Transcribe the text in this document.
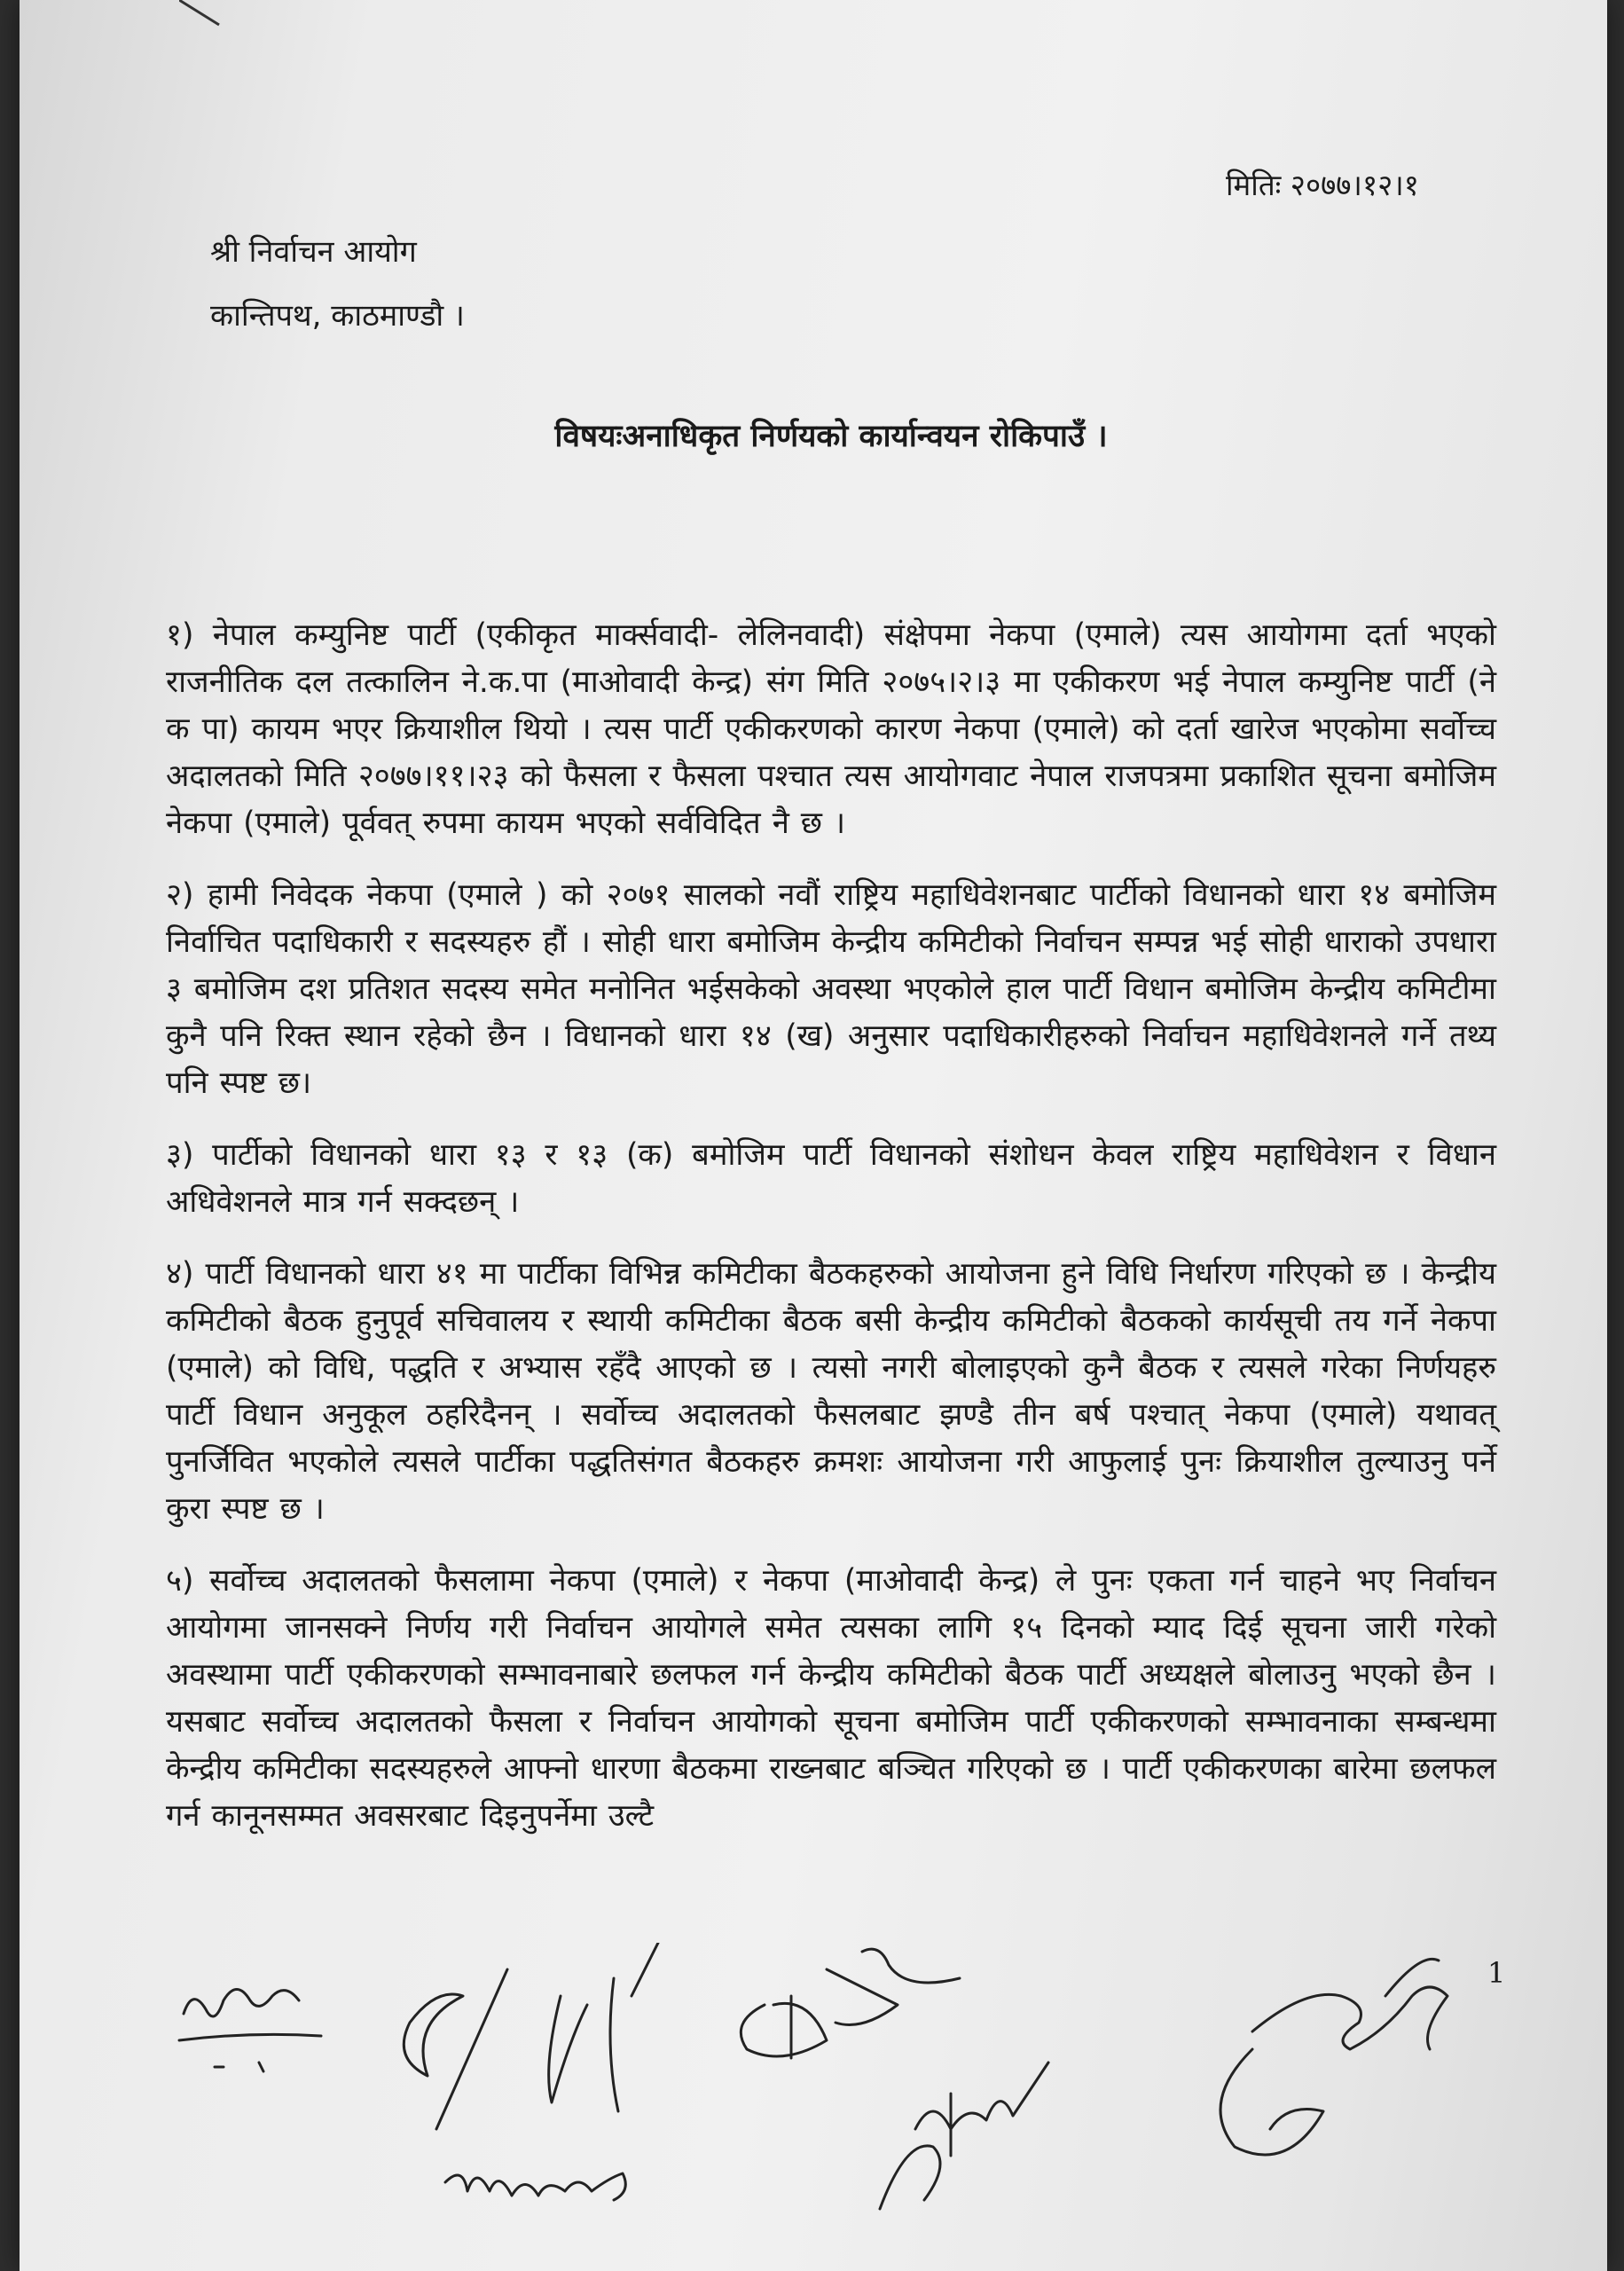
मितिः २०७७।१२।१
श्री निर्वाचन आयोग
कान्तिपथ, काठमाण्डौ ।
विषयःअनाधिकृत निर्णयको कार्यान्वयन रोकिपाउँ ।

१) नेपाल कम्युनिष्ट पार्टी (एकीकृत मार्क्सवादी- लेलिनवादी) संक्षेपमा नेकपा (एमाले) त्यस आयोगमा दर्ता भएको राजनीतिक दल तत्कालिन ने.क.पा (माओवादी केन्द्र) संग मिति २०७५।२।३ मा एकीकरण भई नेपाल कम्युनिष्ट पार्टी (ने क पा) कायम भएर क्रियाशील थियो । त्यस पार्टी एकीकरणको कारण नेकपा (एमाले) को दर्ता खारेज भएकोमा सर्वोच्च अदालतको मिति २०७७।११।२३ को फैसला र फैसला पश्चात त्यस आयोगवाट नेपाल राजपत्रमा प्रकाशित सूचना बमोजिम नेकपा (एमाले) पूर्ववत् रुपमा कायम भएको सर्वविदित नै छ ।

२) हामी निवेदक नेकपा (एमाले ) को २०७१ सालको नवौं राष्ट्रिय महाधिवेशनबाट पार्टीको विधानको धारा १४ बमोजिम निर्वाचित पदाधिकारी र सदस्यहरु हौं । सोही धारा बमोजिम केन्द्रीय कमिटीको निर्वाचन सम्पन्न भई सोही धाराको उपधारा ३ बमोजिम दश प्रतिशत सदस्य समेत मनोनित भईसकेको अवस्था भएकोले हाल पार्टी विधान बमोजिम केन्द्रीय कमिटीमा कुनै पनि रिक्त स्थान रहेको छैन । विधानको धारा १४ (ख) अनुसार पदाधिकारीहरुको निर्वाचन महाधिवेशनले गर्ने तथ्य पनि स्पष्ट छ।

३) पार्टीको विधानको धारा १३ र १३ (क) बमोजिम पार्टी विधानको संशोधन केवल राष्ट्रिय महाधिवेशन र विधान अधिवेशनले मात्र गर्न सक्दछन् ।

४) पार्टी विधानको धारा ४१ मा पार्टीका विभिन्न कमिटीका बैठकहरुको आयोजना हुने विधि निर्धारण गरिएको छ । केन्द्रीय कमिटीको बैठक हुनुपूर्व सचिवालय र स्थायी कमिटीका बैठक बसी केन्द्रीय कमिटीको बैठकको कार्यसूची तय गर्ने नेकपा (एमाले) को विधि, पद्धति र अभ्यास रहँदै आएको छ । त्यसो नगरी बोलाइएको कुनै बैठक र त्यसले गरेका निर्णयहरु पार्टी विधान अनुकूल ठहरिदैनन् । सर्वोच्च अदालतको फैसलबाट झण्डै तीन बर्ष पश्चात् नेकपा (एमाले) यथावत् पुनर्जिवित भएकोले त्यसले पार्टीका पद्धतिसंगत बैठकहरु क्रमशः आयोजना गरी आफुलाई पुनः क्रियाशील तुल्याउनु पर्ने कुरा स्पष्ट छ ।

५) सर्वोच्च अदालतको फैसलामा नेकपा (एमाले) र नेकपा (माओवादी केन्द्र) ले पुनः एकता गर्न चाहने भए निर्वाचन आयोगमा जानसक्ने निर्णय गरी निर्वाचन आयोगले समेत त्यसका लागि १५ दिनको म्याद दिई सूचना जारी गरेको अवस्थामा पार्टी एकीकरणको सम्भावनाबारे छलफल गर्न केन्द्रीय कमिटीको बैठक पार्टी अध्यक्षले बोलाउनु भएको छैन । यसबाट सर्वोच्च अदालतको फैसला र निर्वाचन आयोगको सूचना बमोजिम पार्टी एकीकरणको सम्भावनाका सम्बन्धमा केन्द्रीय कमिटीका सदस्यहरुले आफ्नो धारणा बैठकमा राख्नबाट बञ्चित गरिएको छ । पार्टी एकीकरणका बारेमा छलफल गर्न कानूनसम्मत अवसरबाट दिइनुपर्नेमा उल्टै

1
